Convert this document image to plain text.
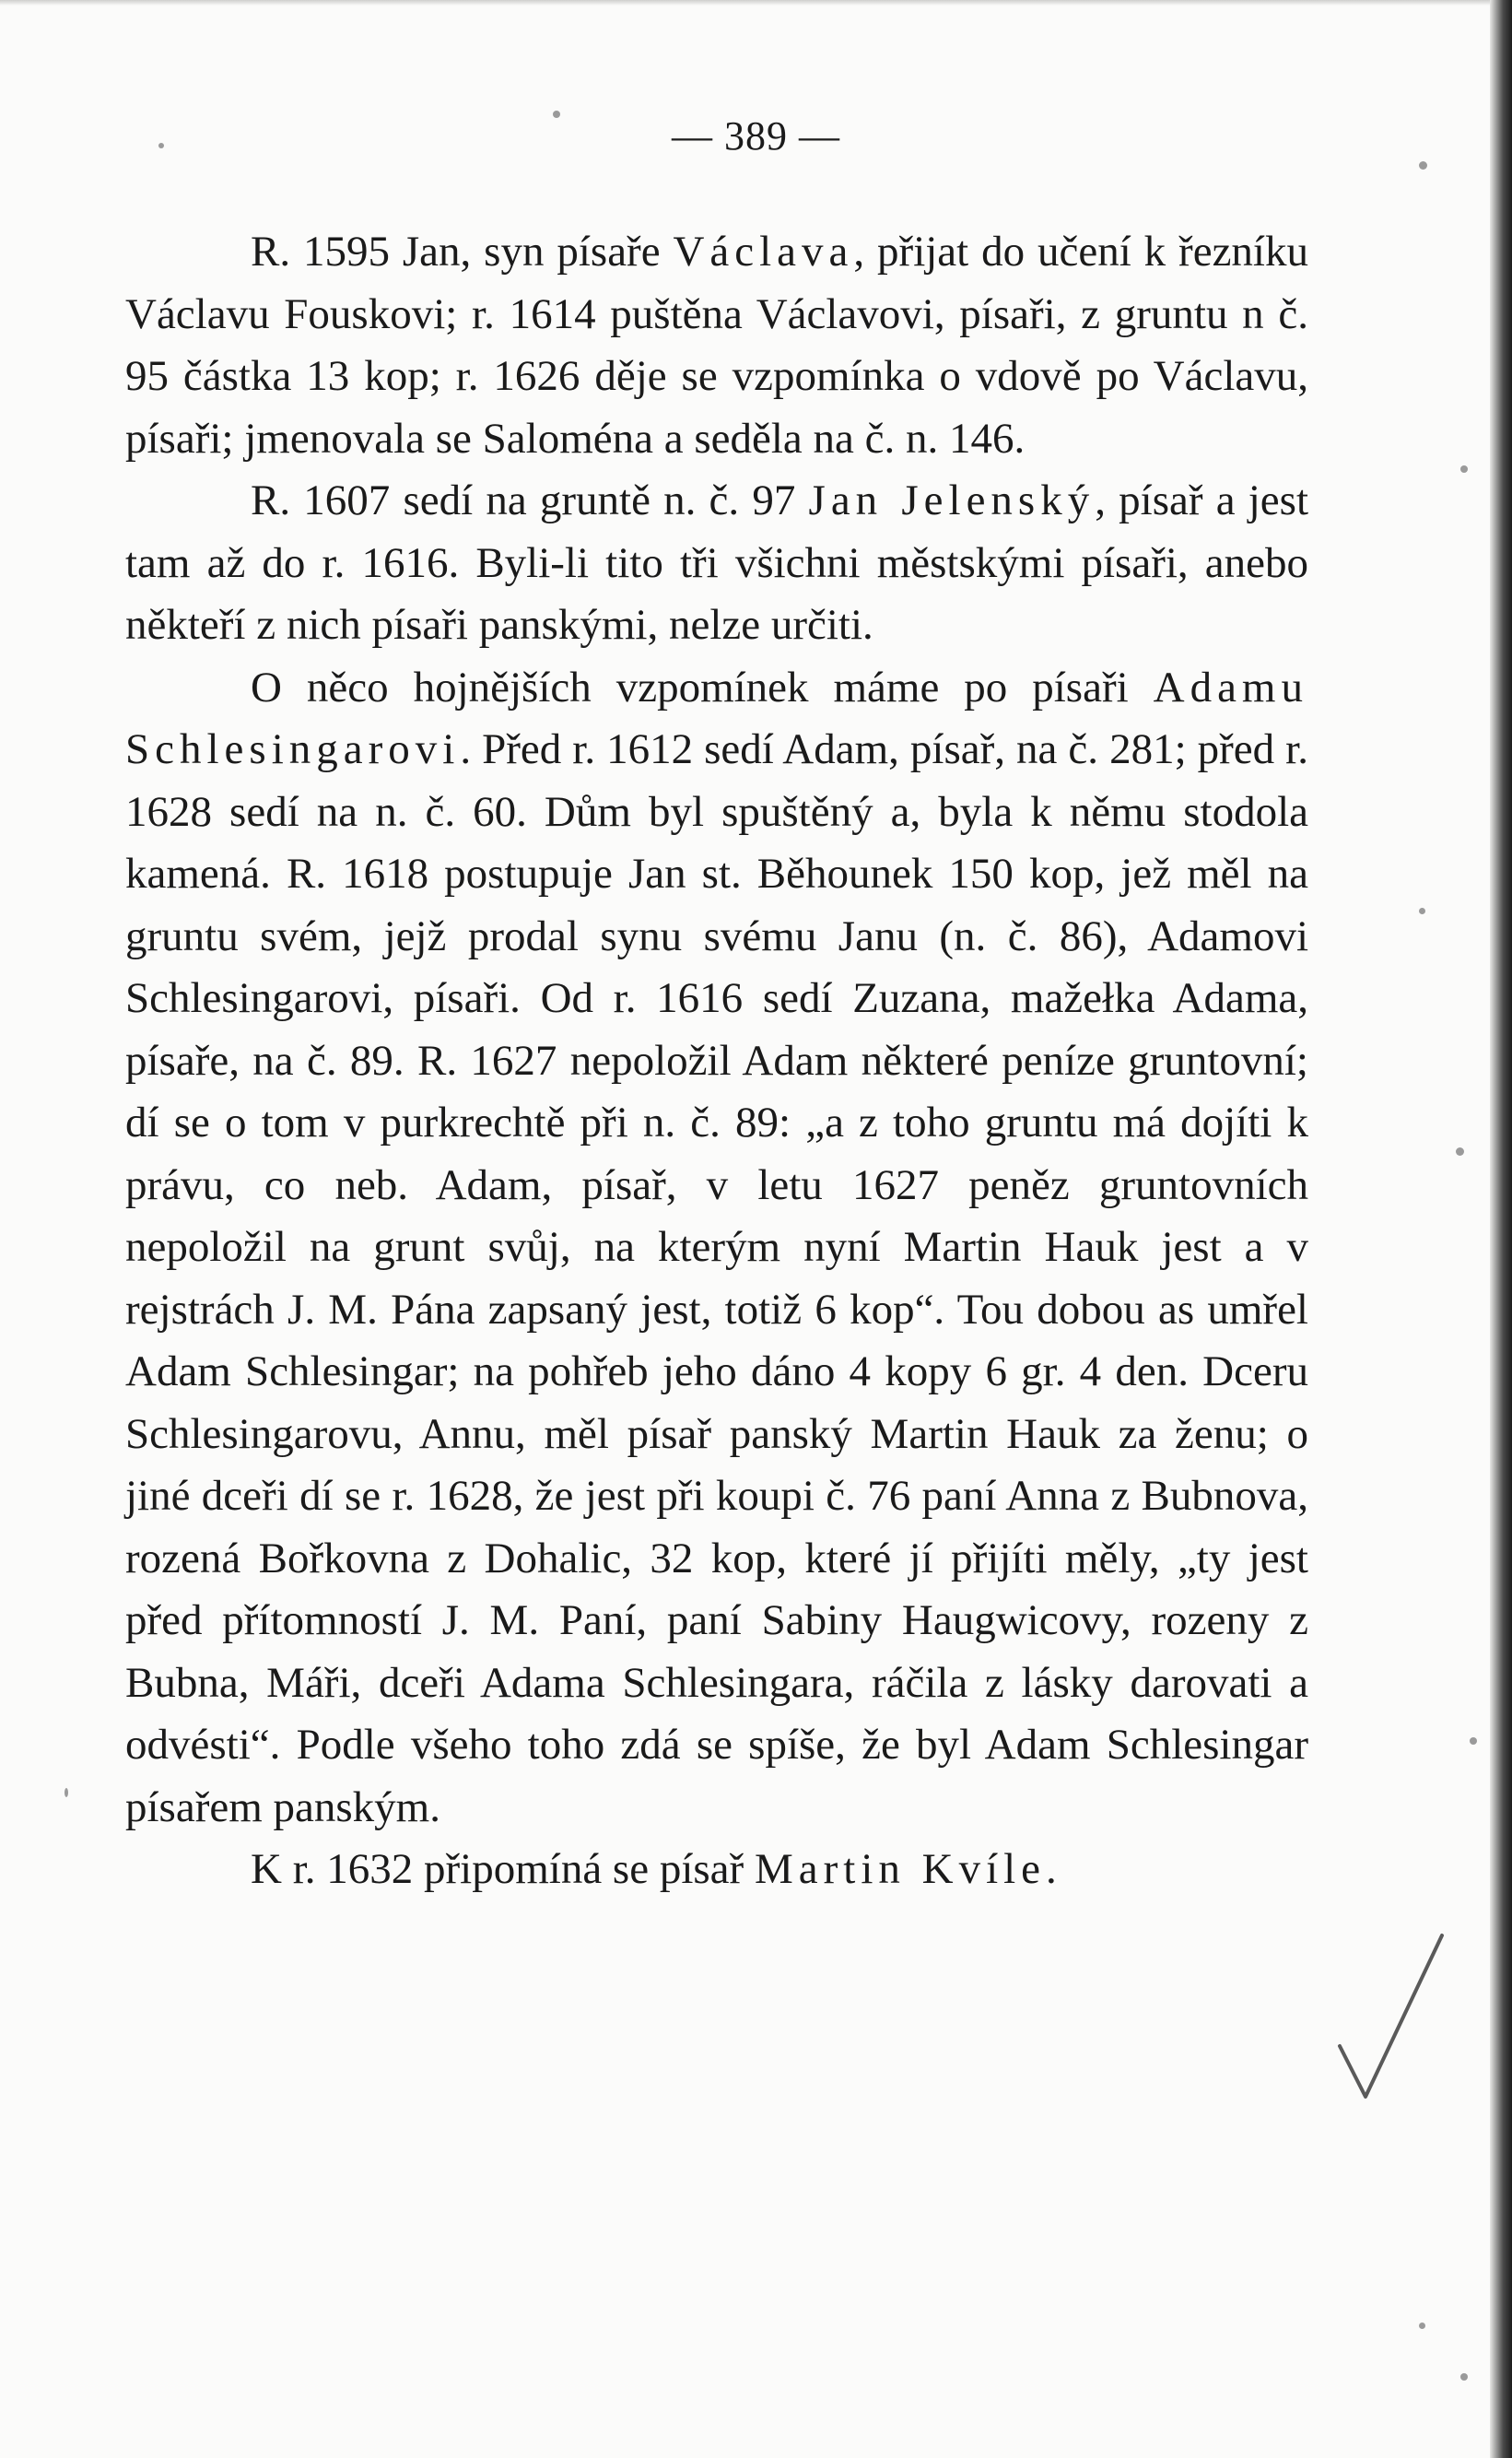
— 389 —

R. 1595 Jan, syn písaře Václava, přijat do učení k řezníku Václavu Fouskovi; r. 1614 puštěna Václavovi, písaři, z gruntu n č. 95 částka 13 kop; r. 1626 děje se vzpomínka o vdově po Václavu, písaři; jmenovala se Saloména a seděla na č. n. 146.

R. 1607 sedí na gruntě n. č. 97 Jan Jelenský, písař a jest tam až do r. 1616. Byli-li tito tři všichni městskými písaři, anebo někteří z nich písaři panskými, nelze určiti.

O něco hojnějších vzpomínek máme po písaři Adamu Schlesingarovi. Před r. 1612 sedí Adam, písař, na č. 281; před r. 1628 sedí na n. č. 60. Dům byl spuštěný a, byla k němu stodola kamená. R. 1618 postupuje Jan st. Běhounek 150 kop, jež měl na gruntu svém, jejž prodal synu svému Janu (n. č. 86), Adamovi Schlesingarovi, písaři. Od r. 1616 sedí Zuzana, mažełka Adama, písaře, na č. 89. R. 1627 nepoložil Adam některé peníze gruntovní; dí se o tom v purkrechtě při n. č. 89: „a z toho gruntu má dojíti k právu, co neb. Adam, písař, v letu 1627 peněz gruntovních nepoložil na grunt svůj, na kterým nyní Martin Hauk jest a v rejstrách J. M. Pána zapsaný jest, totiž 6 kop“. Tou dobou as umřel Adam Schlesingar; na pohřeb jeho dáno 4 kopy 6 gr. 4 den. Dceru Schlesingarovu, Annu, měl písař panský Martin Hauk za ženu; o jiné dceři dí se r. 1628, že jest při koupi č. 76 paní Anna z Bubnova, rozená Bořkovna z Dohalic, 32 kop, které jí přijíti měly, „ty jest před přítomností J. M. Paní, paní Sabiny Haugwicovy, rozeny z Bubna, Máři, dceři Adama Schlesingara, ráčila z lásky darovati a odvésti“. Podle všeho toho zdá se spíše, že byl Adam Schlesingar písařem panským.

K r. 1632 připomíná se písař Martin Kvíle.
